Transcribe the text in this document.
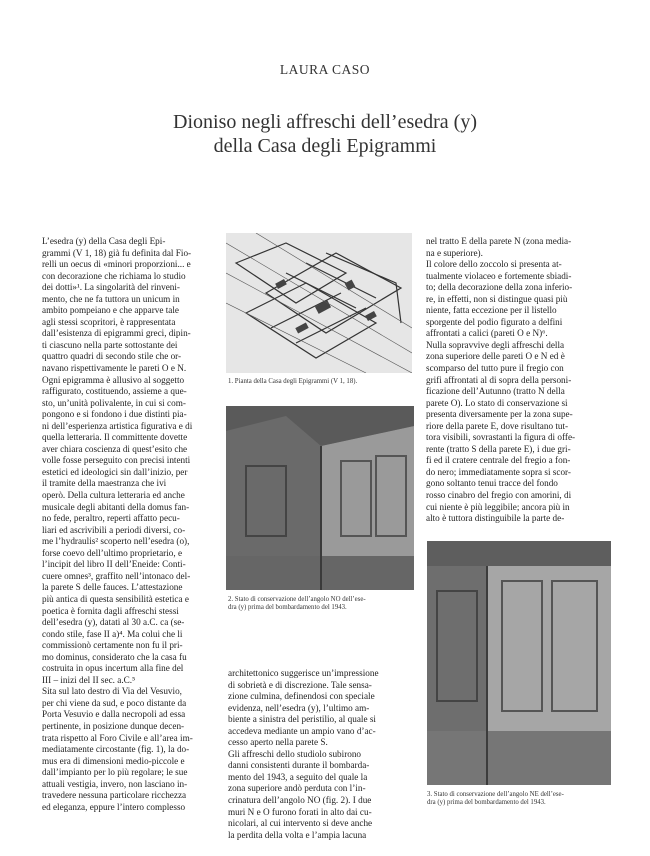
LAURA CASO
Dioniso negli affreschi dell’esedra (y)
della Casa degli Epigrammi
L’esedra (y) della Casa degli Epi-
grammi (V 1, 18) già fu definita dal Fio-
relli un oecus di «minori proporzioni... e
con decorazione che richiama lo studio
dei dotti»¹. La singolarità del rinveni-
mento, che ne fa tuttora un unicum in
ambito pompeiano e che apparve tale
agli stessi scopritori, è rappresentata
dall’esistenza di epigrammi greci, dipin-
ti ciascuno nella parte sottostante dei
quattro quadri di secondo stile che or-
navano rispettivamente le pareti O e N.
Ogni epigramma è allusivo al soggetto
raffigurato, costituendo, assieme a que-
sto, un’unità polivalente, in cui si com-
pongono e si fondono i due distinti pia-
ni dell’esperienza artistica figurativa e di
quella letteraria. Il committente dovette
aver chiara coscienza di quest’esito che
volle fosse perseguito con precisi intenti
estetici ed ideologici sin dall’inizio, per
il tramite della maestranza che ivi
operò. Della cultura letteraria ed anche
musicale degli abitanti della domus fan-
no fede, peraltro, reperti affatto pecu-
liari ed ascrivibili a periodi diversi, co-
me l’hydraulis² scoperto nell’esedra (o),
forse coevo dell’ultimo proprietario, e
l’incipit del libro II dell’Eneide: Conti-
cuere omnes³, graffito nell’intonaco del-
la parete S delle fauces. L’attestazione
più antica di questa sensibilità estetica e
poetica è fornita dagli affreschi stessi
dell’esedra (y), datati al 30 a.C. ca (se-
condo stile, fase II a)⁴. Ma colui che li
commissionò certamente non fu il pri-
mo dominus, considerato che la casa fu
costruita in opus incertum alla fine del
III – inizi del II sec. a.C.⁵
Sita sul lato destro di Via del Vesuvio,
per chi viene da sud, e poco distante da
Porta Vesuvio e dalla necropoli ad essa
pertinente, in posizione dunque decen-
trata rispetto al Foro Civile e all’area im-
mediatamente circostante (fig. 1), la do-
mus era di dimensioni medio-piccole e
dall’impianto per lo più regolare; le sue
attuali vestigia, invero, non lasciano in-
travedere nessuna particolare ricchezza
ed eleganza, eppure l’intero complesso
architettonico suggerisce un’impressione
di sobrietà e di discrezione. Tale sensa-
zione culmina, definendosi con speciale
evidenza, nell’esedra (y), l’ultimo am-
biente a sinistra del peristilio, al quale si
accedeva mediante un ampio vano d’ac-
cesso aperto nella parete S.
Gli affreschi dello studiolo subirono
danni consistenti durante il bombarda-
mento del 1943, a seguito del quale la
zona superiore andò perduta con l’in-
crinatura dell’angolo NO (fig. 2). I due
muri N e O furono forati in alto dai cu-
nicolari, al cui intervento si deve anche
la perdita della volta e l’ampia lacuna
nel tratto E della parete N (zona media-
na e superiore).
Il colore dello zoccolo si presenta at-
tualmente violaceo e fortemente sbiadi-
to; della decorazione della zona inferio-
re, in effetti, non si distingue quasi più
niente, fatta eccezione per il listello
sporgente del podio figurato a delfini
affrontati a calici (pareti O e N)⁶.
Nulla sopravvive degli affreschi della
zona superiore delle pareti O e N ed è
scomparso del tutto pure il fregio con
grifi affrontati al di sopra della personi-
ficazione dell’Autunno (tratto N della
parete O). Lo stato di conservazione si
presenta diversamente per la zona supe-
riore della parete E, dove risultano tut-
tora visibili, sovrastanti la figura di offe-
rente (tratto S della parete E), i due gri-
fi ed il cratere centrale del fregio a fon-
do nero; immediatamente sopra si scor-
gono soltanto tenui tracce del fondo
rosso cinabro del fregio con amorini, di
cui niente è più leggibile; ancora più in
alto è tuttora distinguibile la parte de-
1. Pianta della Casa degli Epigrammi (V 1, 18).
2. Stato di conservazione dell’angolo NO dell’ese-
dra (y) prima del bombardamento del 1943.
3. Stato di conservazione dell’angolo NE dell’ese-
dra (y) prima del bombardamento del 1943.
